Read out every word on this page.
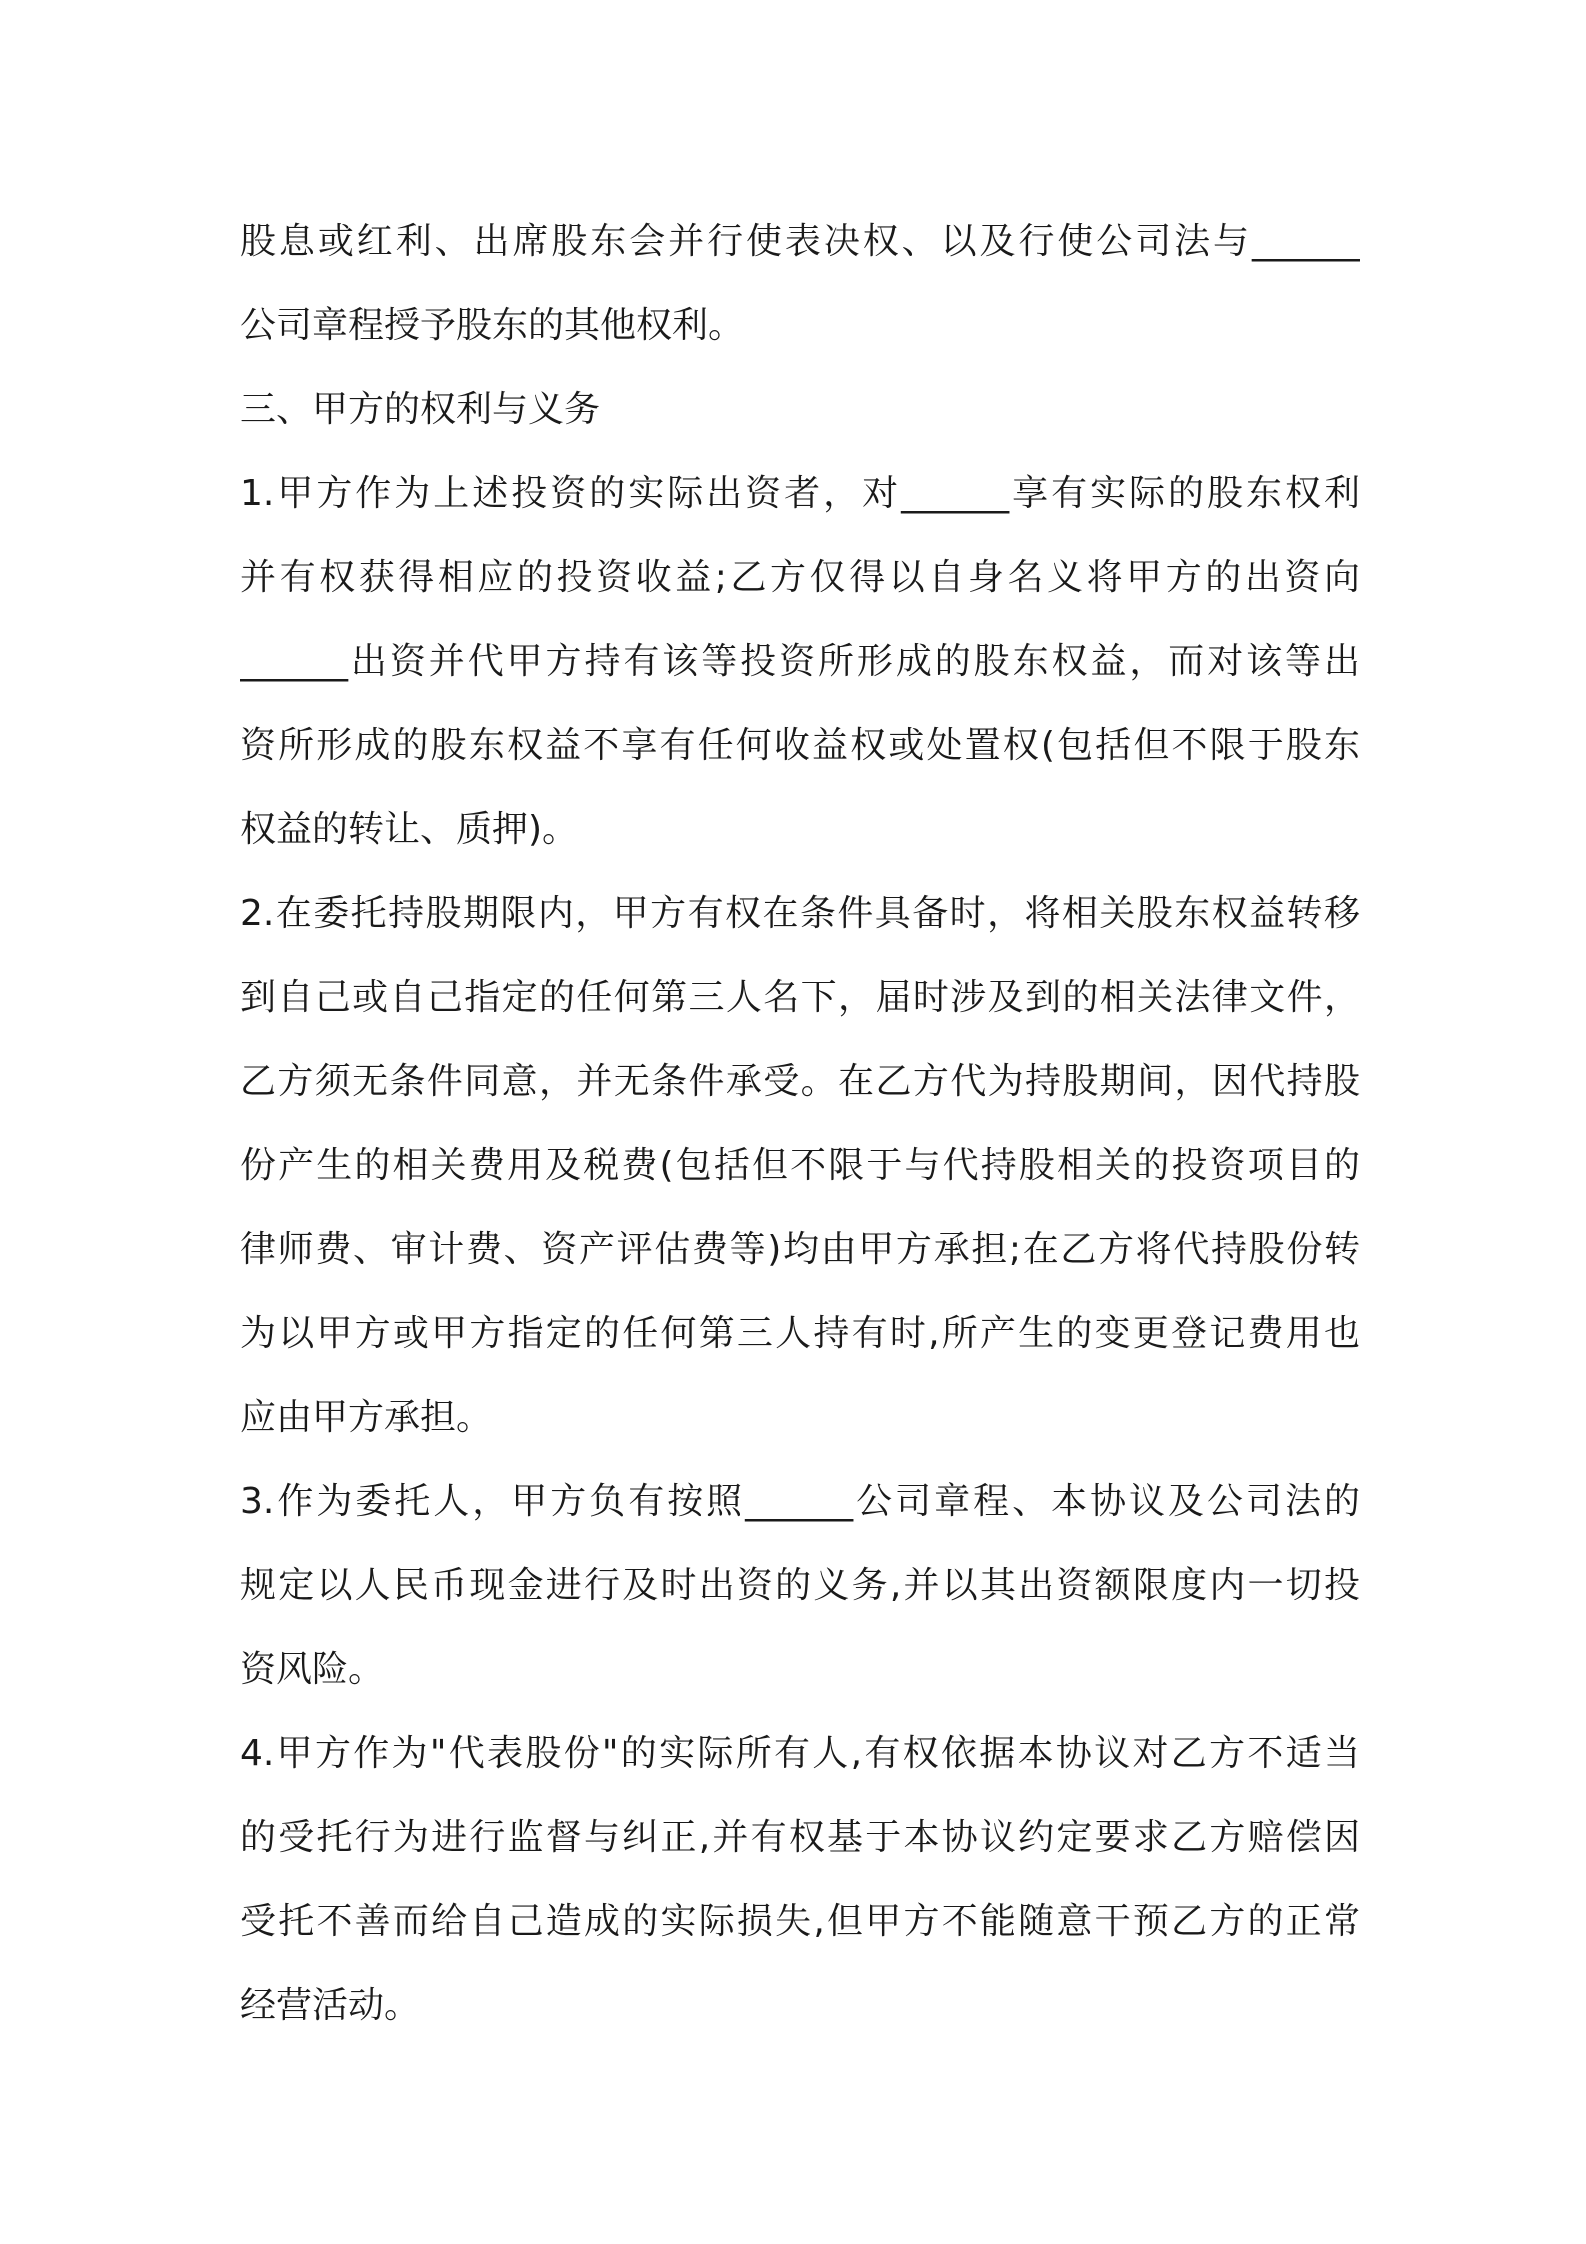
股息或红利、出席股东会并行使表决权、以及行使公司法与______
公司章程授予股东的其他权利。
三、甲方的权利与义务
1.甲方作为上述投资的实际出资者，对______享有实际的股东权利
并有权获得相应的投资收益;乙方仅得以自身名义将甲方的出资向
______出资并代甲方持有该等投资所形成的股东权益，而对该等出
资所形成的股东权益不享有任何收益权或处置权(包括但不限于股东
权益的转让、质押)。
2.在委托持股期限内，甲方有权在条件具备时，将相关股东权益转移
到自己或自己指定的任何第三人名下，届时涉及到的相关法律文件，
乙方须无条件同意，并无条件承受。在乙方代为持股期间，因代持股
份产生的相关费用及税费(包括但不限于与代持股相关的投资项目的
律师费、审计费、资产评估费等)均由甲方承担;在乙方将代持股份转
为以甲方或甲方指定的任何第三人持有时,所产生的变更登记费用也
应由甲方承担。
3.作为委托人，甲方负有按照______公司章程、本协议及公司法的
规定以人民币现金进行及时出资的义务,并以其出资额限度内一切投
资风险。
4.甲方作为"代表股份"的实际所有人,有权依据本协议对乙方不适当
的受托行为进行监督与纠正,并有权基于本协议约定要求乙方赔偿因
受托不善而给自己造成的实际损失,但甲方不能随意干预乙方的正常
经营活动。
